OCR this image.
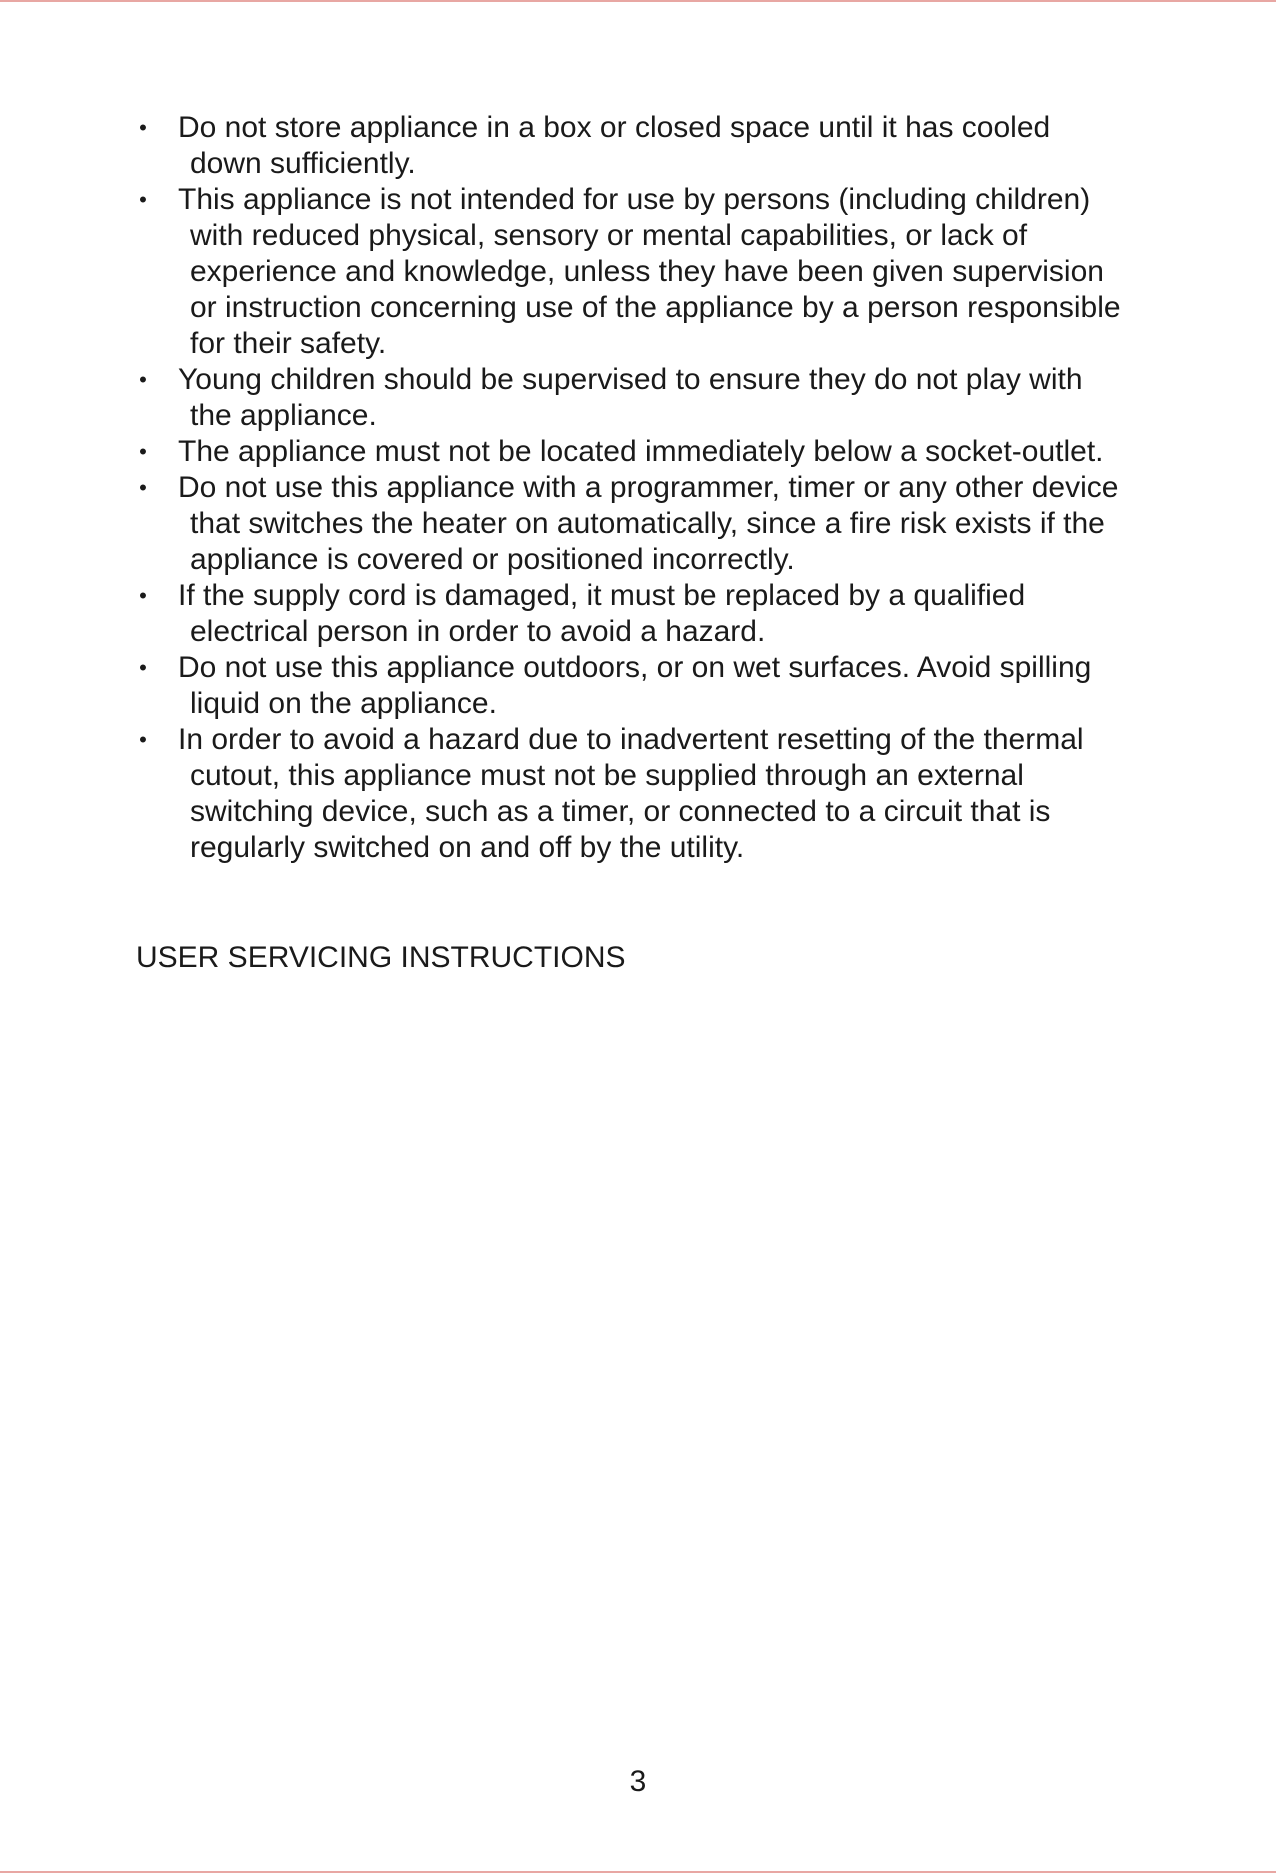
• Do not store appliance in a box or closed space until it has cooled
down sufficiently.
• This appliance is not intended for use by persons (including children)
with reduced physical, sensory or mental capabilities, or lack of
experience and knowledge, unless they have been given supervision
or instruction concerning use of the appliance by a person responsible
for their safety.
• Young children should be supervised to ensure they do not play with
the appliance.
• The appliance must not be located immediately below a socket-outlet.
• Do not use this appliance with a programmer, timer or any other device
that switches the heater on automatically, since a fire risk exists if the
appliance is covered or positioned incorrectly.
• If the supply cord is damaged, it must be replaced by a qualified
electrical person in order to avoid a hazard.
• Do not use this appliance outdoors, or on wet surfaces. Avoid spilling
liquid on the appliance.
• In order to avoid a hazard due to inadvertent resetting of the thermal
cutout, this appliance must not be supplied through an external
switching device, such as a timer, or connected to a circuit that is
regularly switched on and off by the utility.
USER SERVICING INSTRUCTIONS
3
